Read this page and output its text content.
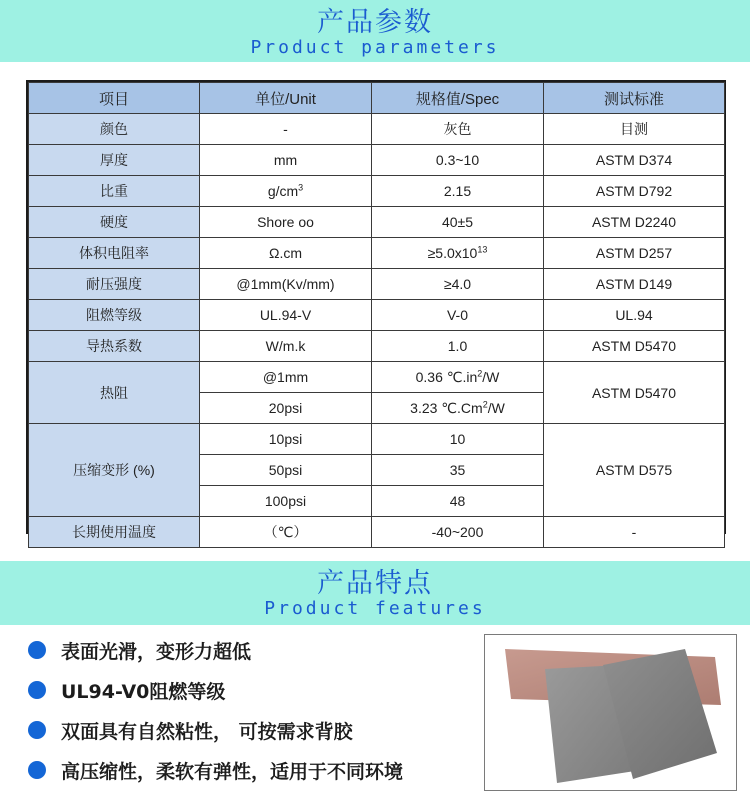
产品参数
Product parameters
项目	单位/Unit	规格值/Spec	测试标准
颜色	-	灰色	目测
厚度	mm	0.3~10	ASTM D374
比重	$g/cm^3$	2.15	ASTM D792
硬度	Shore oo	40±5	ASTM D2240
体积电阻率	Ω.cm	$\ge 5.0x10^{13}$	ASTM D257
耐压强度	@1mm(Kv/mm)	≥4.0	ASTM D149
阻燃等级	UL.94-V	V-0	UL.94
导热系数	W/m.k	1.0	ASTM D5470
热阻	@1mm	0.36 $℃.in^2/W$	ASTM D5470
	20psi	3.23 ℃.Cm$^2$/W	
压缩变形 (%)	10psi	10	ASTM D575
	50psi	35	
	100psi	48	
长期使用温度	（℃）	-40~200	-
产品特点
Product features
表面光滑，变形力超低
UL94-V0阻燃等级
双面具有自然粘性， 可按需求背胶
高压缩性，柔软有弹性，适用于不同环境
